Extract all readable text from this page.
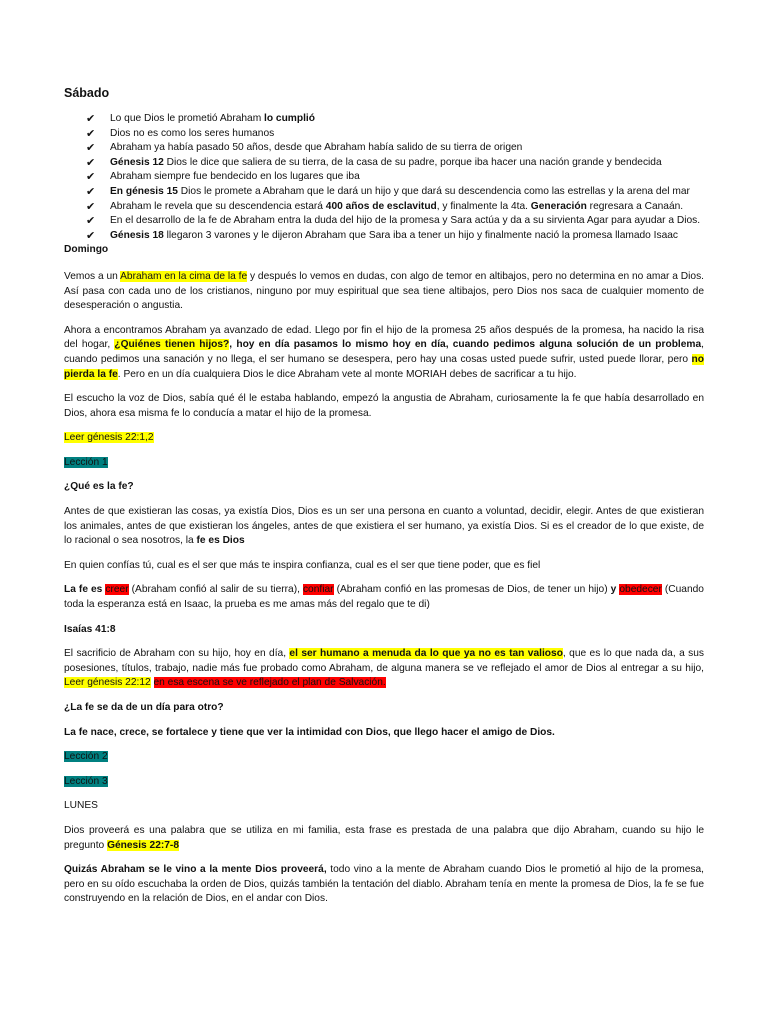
Sábado
✔ Lo que Dios le prometió Abraham lo cumplió
✔ Dios no es como los seres humanos
✔ Abraham ya había pasado 50 años, desde que Abraham había salido de su tierra de origen
✔ Génesis 12 Dios le dice que saliera de su tierra, de la casa de su padre, porque iba hacer una nación grande y bendecida
✔ Abraham siempre fue bendecido en los lugares que iba
✔ En génesis 15 Dios le promete a Abraham que le dará un hijo y que dará su descendencia como las estrellas y la arena del mar
✔ Abraham le revela que su descendencia estará 400 años de esclavitud, y finalmente la 4ta. Generación regresara a Canaán.
✔ En el desarrollo de la fe de Abraham entra la duda del hijo de la promesa y Sara actúa y da a su sirvienta Agar para ayudar a Dios.
✔ Génesis 18 llegaron 3 varones y le dijeron Abraham que Sara iba a tener un hijo y finalmente nació la promesa llamado Isaac
Domingo

Vemos a un Abraham en la cima de la fe y después lo vemos en dudas, con algo de temor en altibajos, pero no determina en no amar a Dios. Así pasa con cada uno de los cristianos, ninguno por muy espiritual que sea tiene altibajos, pero Dios nos saca de cualquier momento de desesperación o angustia.

Ahora a encontramos Abraham ya avanzado de edad. Llego por fin el hijo de la promesa 25 años después de la promesa, ha nacido la risa del hogar, ¿Quiénes tienen hijos?, hoy en día pasamos lo mismo hoy en día, cuando pedimos alguna solución de un problema, cuando pedimos una sanación y no llega, el ser humano se desespera, pero hay una cosas usted puede sufrir, usted puede llorar, pero no pierda la fe. Pero en un día cualquiera Dios le dice Abraham vete al monte MORIAH debes de sacrificar a tu hijo.

El escucho la voz de Dios, sabía qué él le estaba hablando, empezó la angustia de Abraham, curiosamente la fe que había desarrollado en Dios, ahora esa misma fe lo conducía a matar el hijo de la promesa.

Leer génesis 22:1,2

Lección 1

¿Qué es la fe?

Antes de que existieran las cosas, ya existía Dios, Dios es un ser una persona en cuanto a voluntad, decidir, elegir. Antes de que existieran los animales, antes de que existieran los ángeles, antes de que existiera el ser humano, ya existía Dios. Si es el creador de lo que existe, de lo racional o sea nosotros, la fe es Dios

En quien confías tú, cual es el ser que más te inspira confianza, cual es el ser que tiene poder, que es fiel

La fe es creer (Abraham confió al salir de su tierra), confiar (Abraham confió en las promesas de Dios, de tener un hijo) y obedecer (Cuando toda la esperanza está en Isaac, la prueba es me amas más del regalo que te di)

Isaías 41:8

El sacrificio de Abraham con su hijo, hoy en día, el ser humano a menuda da lo que ya no es tan valioso, que es lo que nada da, a sus posesiones, títulos, trabajo, nadie más fue probado como Abraham, de alguna manera se ve reflejado el amor de Dios al entregar a su hijo, Leer génesis 22:12 en esa escena se ve reflejado el plan de Salvación.

¿La fe se da de un día para otro?

La fe nace, crece, se fortalece y tiene que ver la intimidad con Dios, que llego hacer el amigo de Dios.

Lección 2

Lección 3

LUNES

Dios proveerá es una palabra que se utiliza en mi familia, esta frase es prestada de una palabra que dijo Abraham, cuando su hijo le pregunto Génesis 22:7-8

Quizás Abraham se le vino a la mente Dios proveerá, todo vino a la mente de Abraham cuando Dios le prometió al hijo de la promesa, pero en su oído escuchaba la orden de Dios, quizás también la tentación del diablo. Abraham tenía en mente la promesa de Dios, la fe se fue construyendo en la relación de Dios, en el andar con Dios.
